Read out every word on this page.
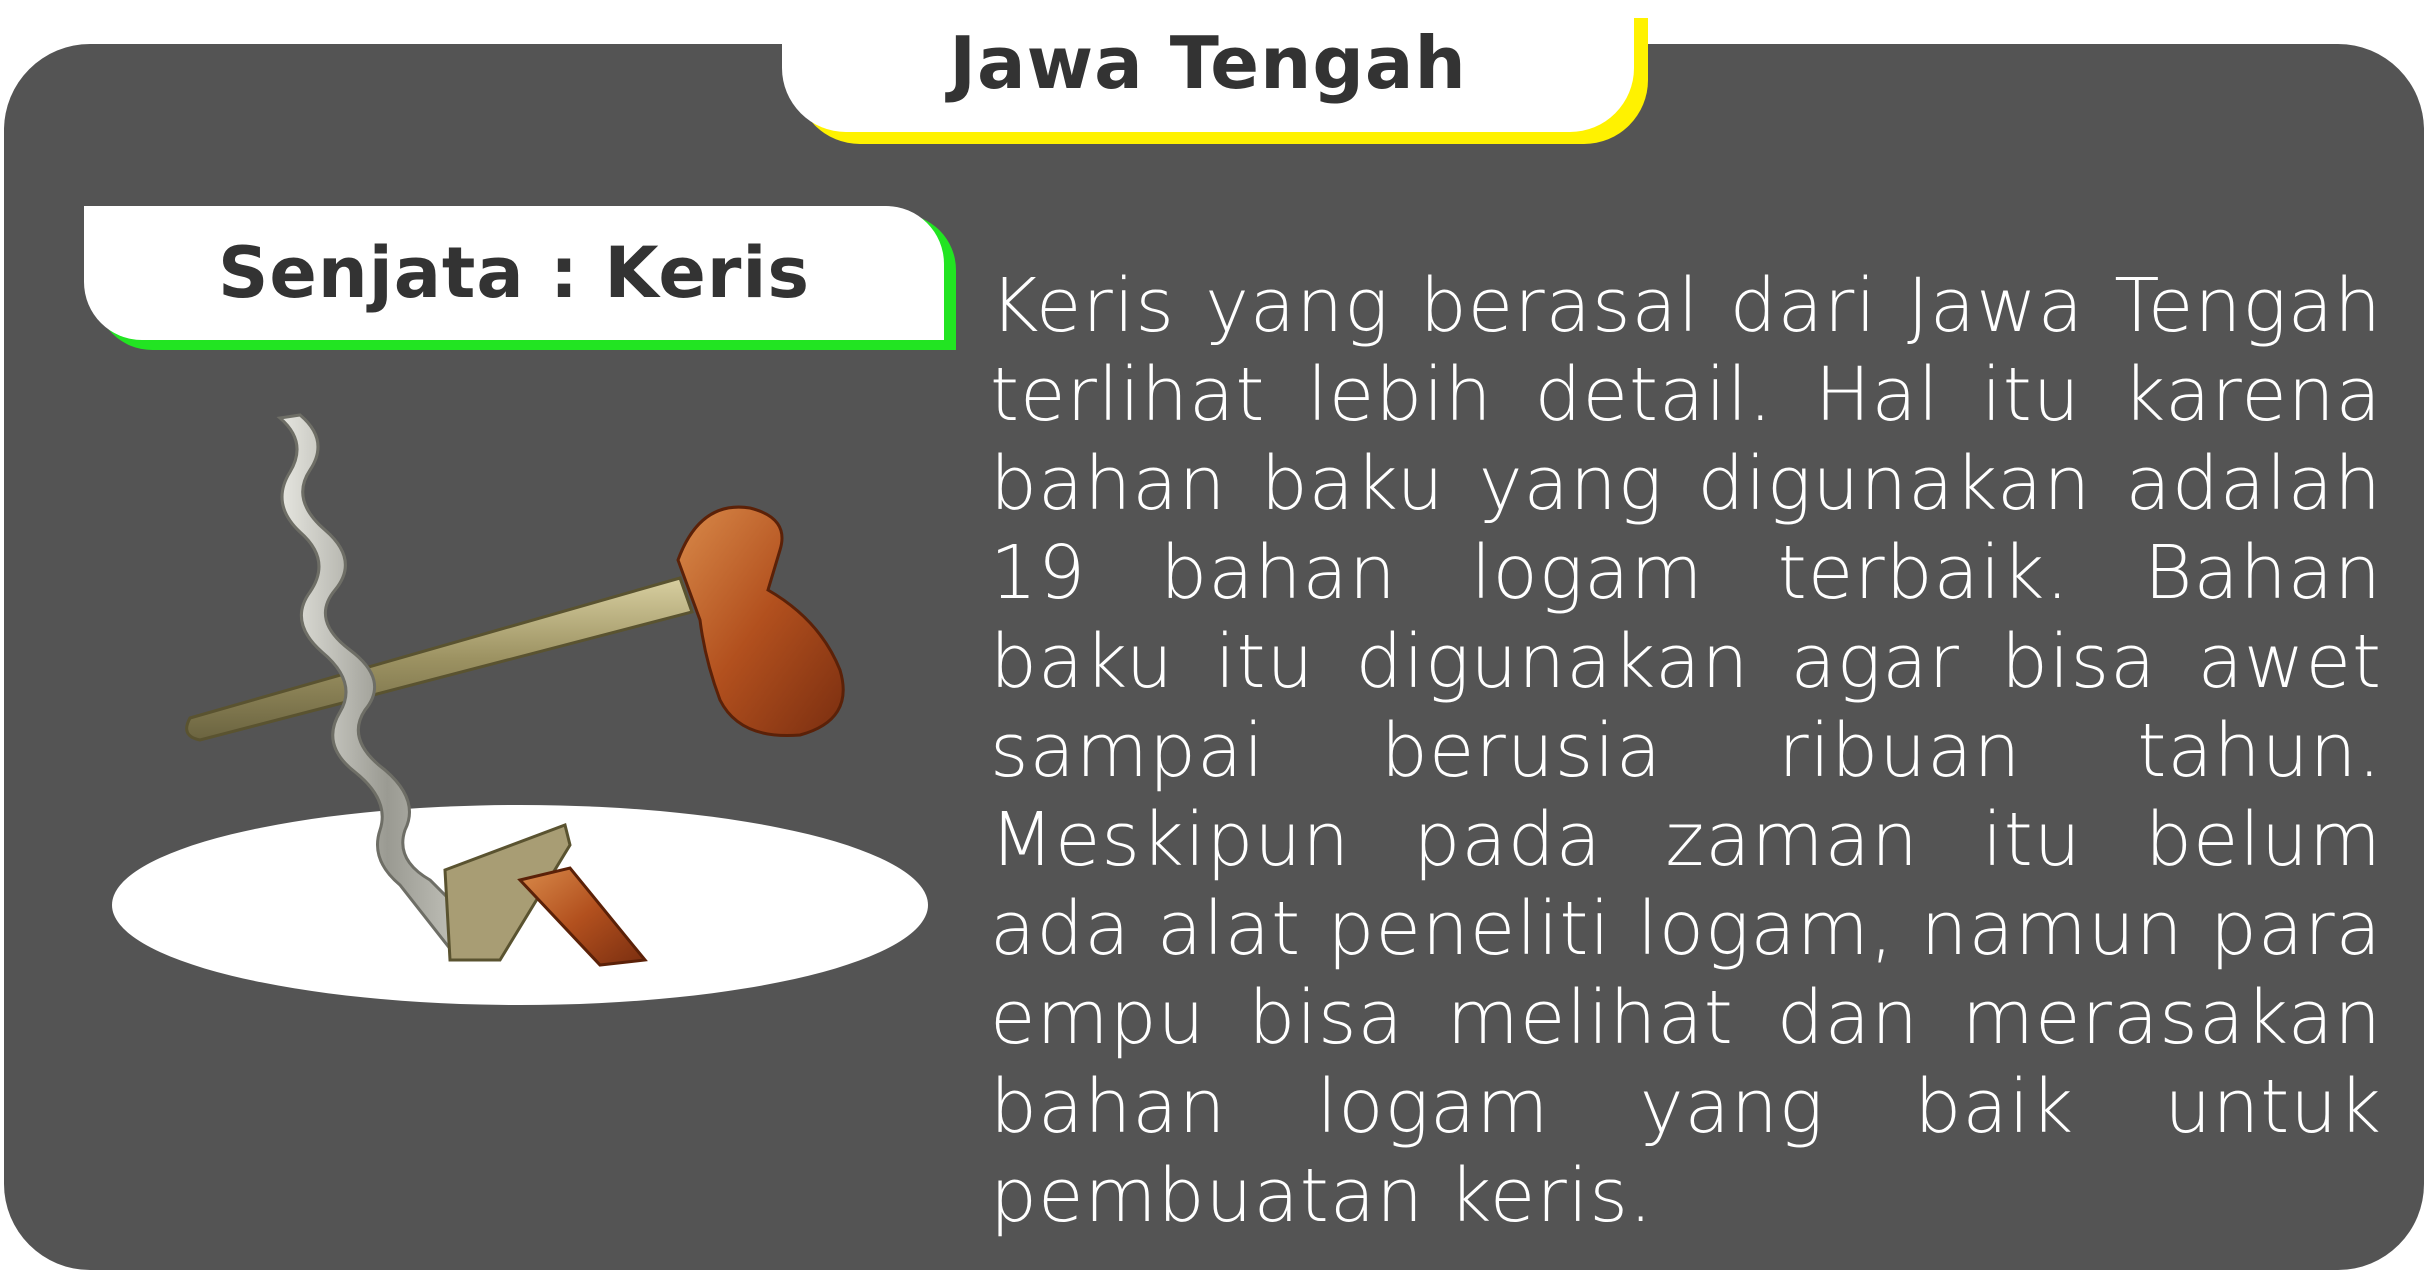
Jawa Tengah
Senjata : Keris Keris yang berasal dari Jawa Tengah terlihat lebih detail. Hal itu karena bahan baku yang digunakan adalah 19 bahan logam terbaik. Bahan baku itu digunakan agar bisa awet sampai berusia ribuan tahun. Meskipun pada zaman itu belum ada alat peneliti logam, namun para empu bisa melihat dan merasakan bahan logam yang baik untuk pembuatan keris.
